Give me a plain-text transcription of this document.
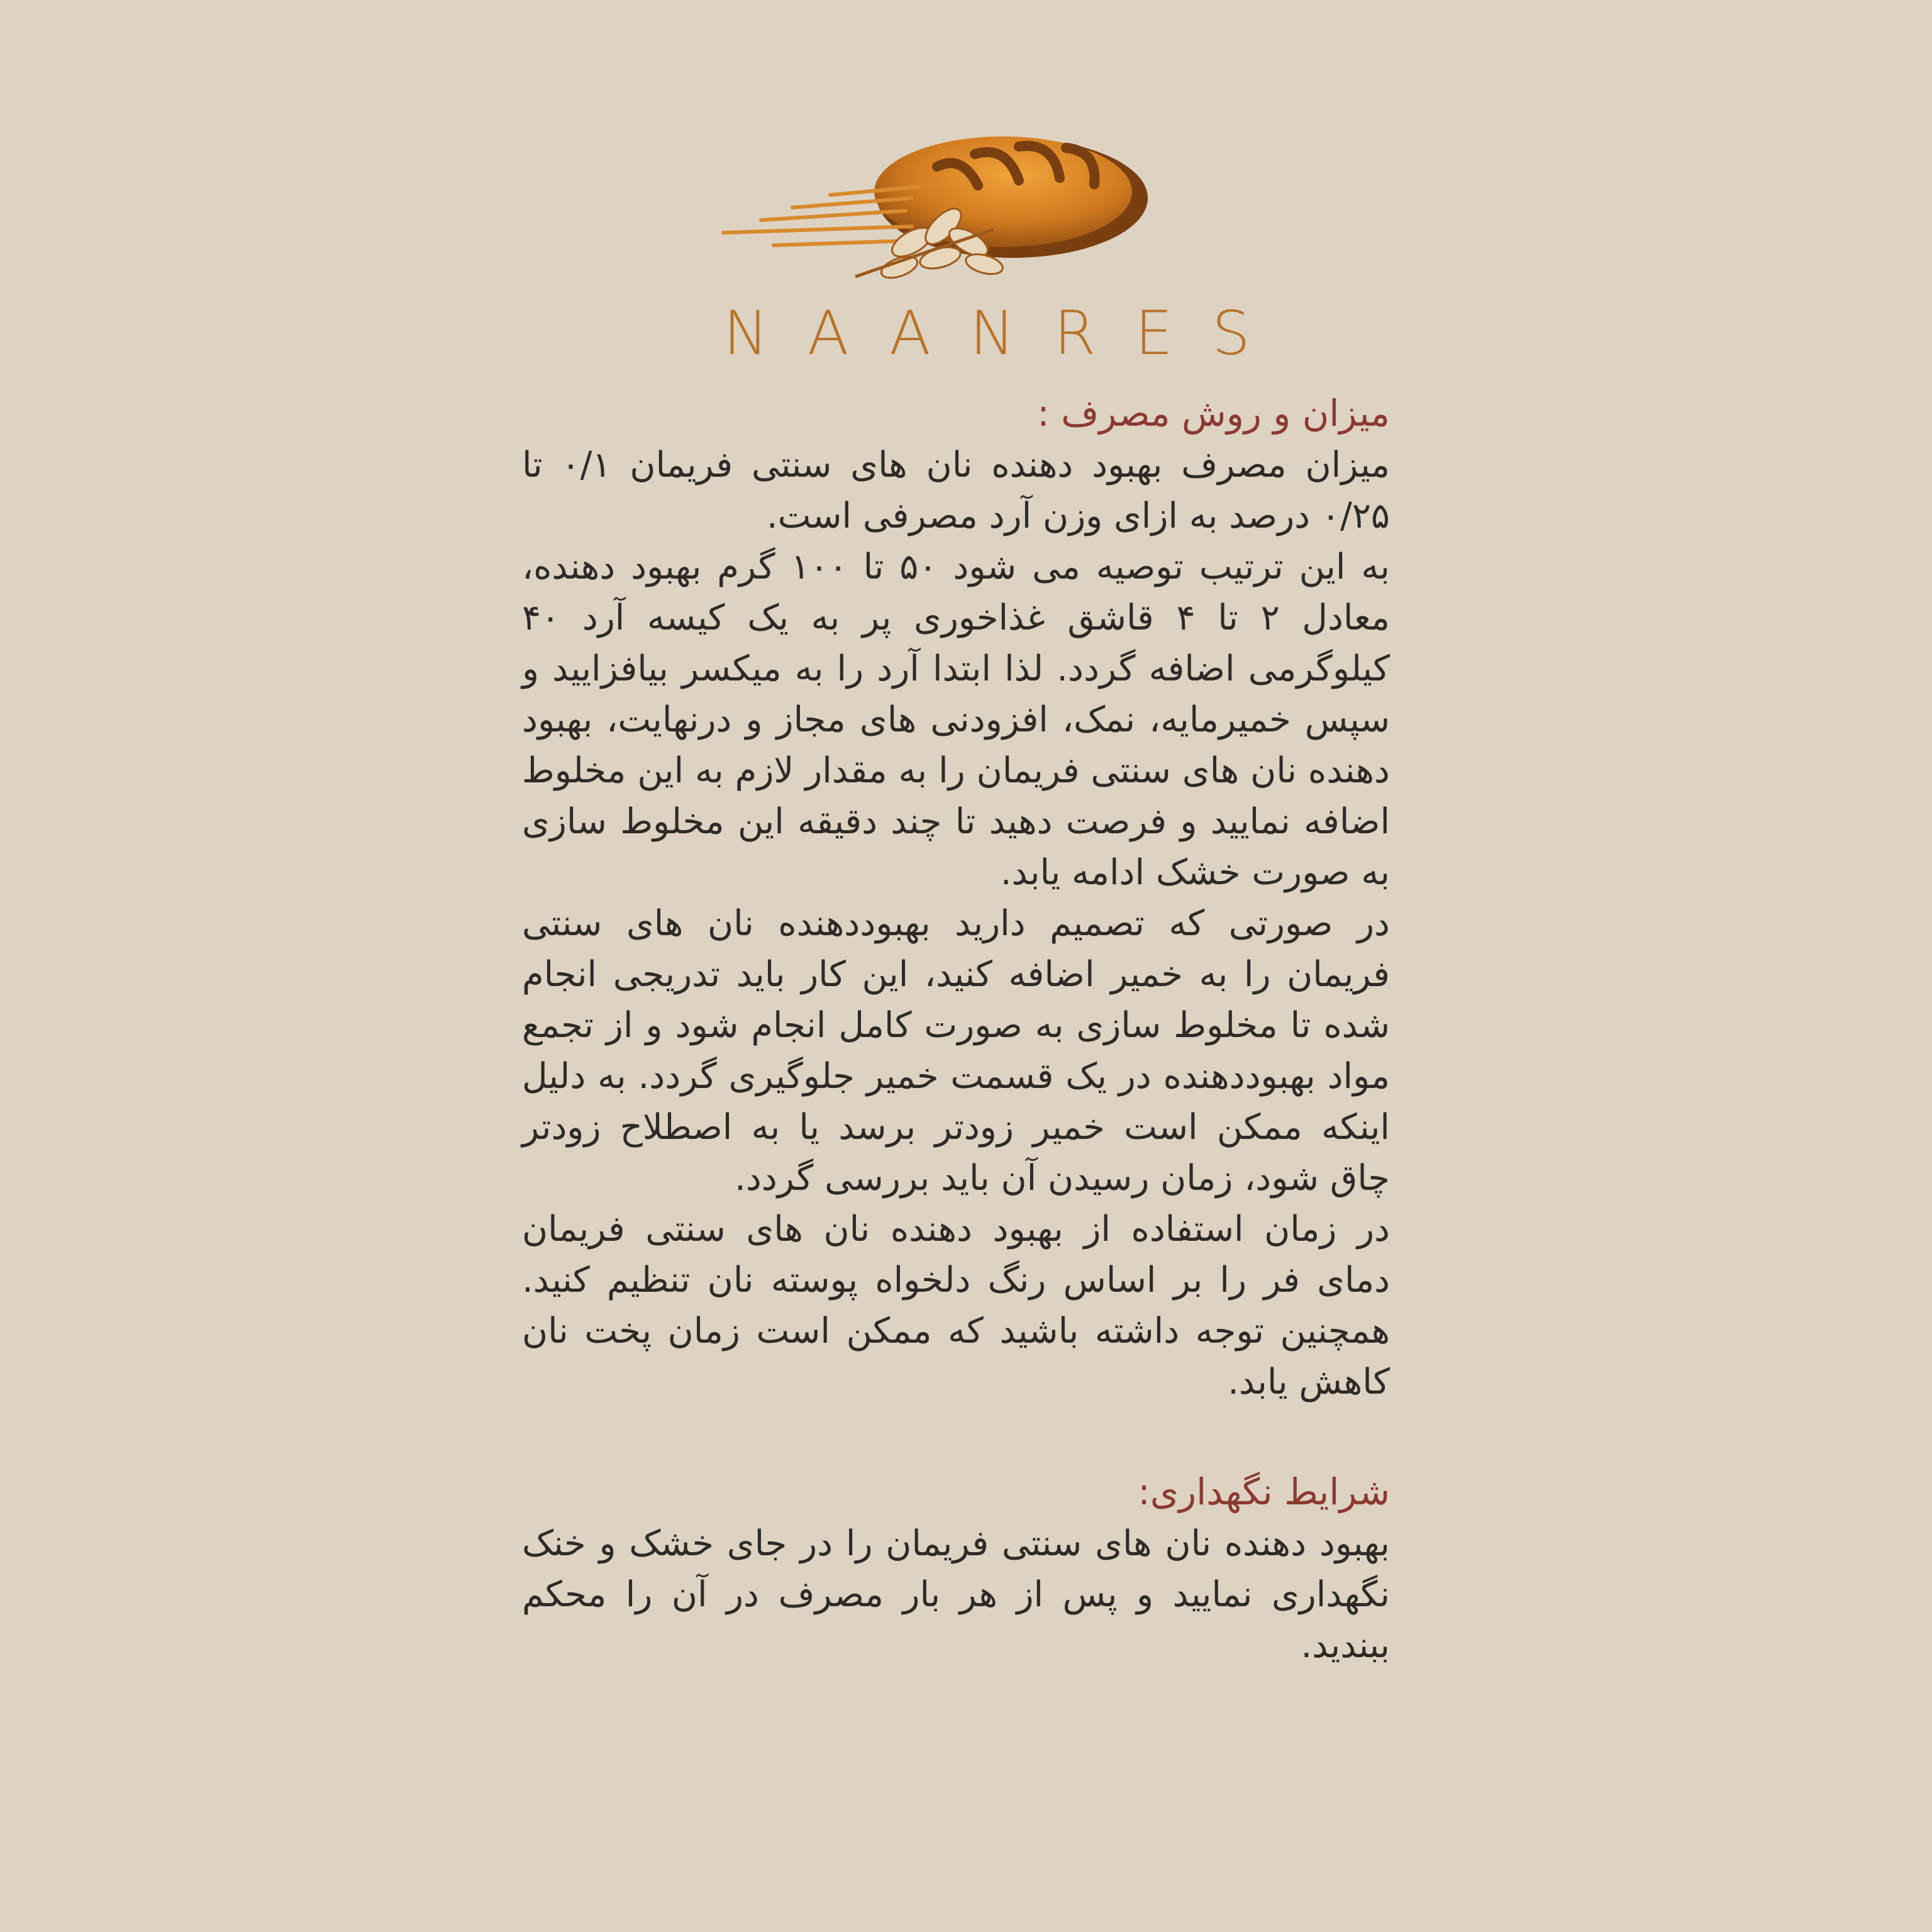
NAANRES
میزان و روش مصرف :

میزان مصرف بهبود دهنده نان های سنتی فریمان ۰/۱ تا ۰/۲۵ درصد به ازای وزن آرد مصرفی است.

به این ترتیب توصیه می شود ۵۰ تا ۱۰۰ گرم بهبود دهنده، معادل ۲ تا ۴ قاشق غذاخوری پر به یک کیسه آرد ۴۰ کیلوگرمی اضافه گردد. لذا ابتدا آرد را به میکسر بیافزایید و سپس خمیرمایه، نمک، افزودنی های مجاز و درنهایت، بهبود دهنده نان های سنتی فریمان را به مقدار لازم به این مخلوط اضافه نمایید و فرصت دهید تا چند دقیقه این مخلوط سازی به صورت خشک ادامه یابد.

در صورتی که تصمیم دارید بهبوددهنده نان های سنتی فریمان را به خمیر اضافه کنید، این کار باید تدریجی انجام شده تا مخلوط سازی به صورت کامل انجام شود و از تجمع مواد بهبوددهنده در یک قسمت خمیر جلوگیری گردد. به دلیل اینکه ممکن است خمیر زودتر برسد یا به اصطلاح زودتر چاق شود، زمان رسیدن آن باید بررسی گردد.

در زمان استفاده از بهبود دهنده نان های سنتی فریمان دمای فر را بر اساس رنگ دلخواه پوسته نان تنظیم کنید. همچنین توجه داشته باشید که ممکن است زمان پخت نان کاهش یابد.

شرایط نگهداری:

بهبود دهنده نان های سنتی فریمان را در جای خشک و خنک نگهداری نمایید و پس از هر بار مصرف در آن را محکم ببندید.
